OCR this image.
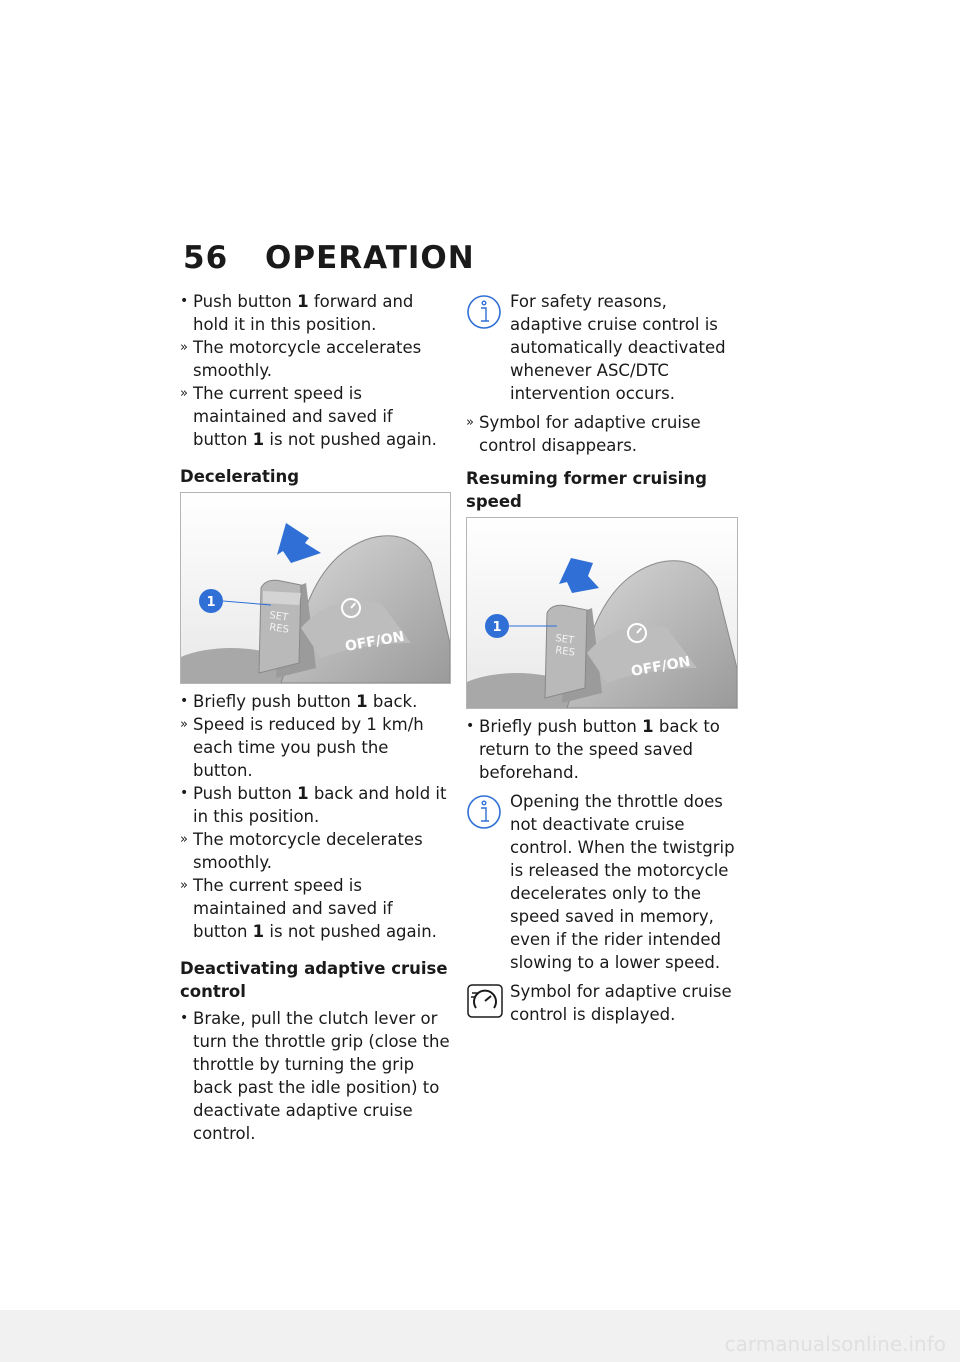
56 OPERATION
• Push button 1 forward and hold it in this position.
» The motorcycle accelerates smoothly.
» The current speed is maintained and saved if button 1 is not pushed again.
Decelerating
1
SET
RES	OFF/ON
• Briefly push button 1 back.
» Speed is reduced by 1 km/h each time you push the button.
• Push button 1 back and hold it in this position.
» The motorcycle decelerates smoothly.
» The current speed is maintained and saved if button 1 is not pushed again.
Deactivating adaptive cruise control
• Brake, pull the clutch lever or turn the throttle grip (close the throttle by turning the grip back past the idle position) to deactivate adaptive cruise control.

For safety reasons, adaptive cruise control is automatically deactivated whenever ASC/DTC intervention occurs.

» Symbol for adaptive cruise control disappears.
Resuming former cruising speed
1
SET
RES
OFF/ON
• Briefly push button 1 back to return to the speed saved beforehand.

Opening the throttle does not deactivate cruise control. When the twistgrip is released the motorcycle decelerates only to the speed saved in memory, even if the rider intended slowing to a lower speed.

Symbol for adaptive cruise control is displayed.

carmanualsonline.info
